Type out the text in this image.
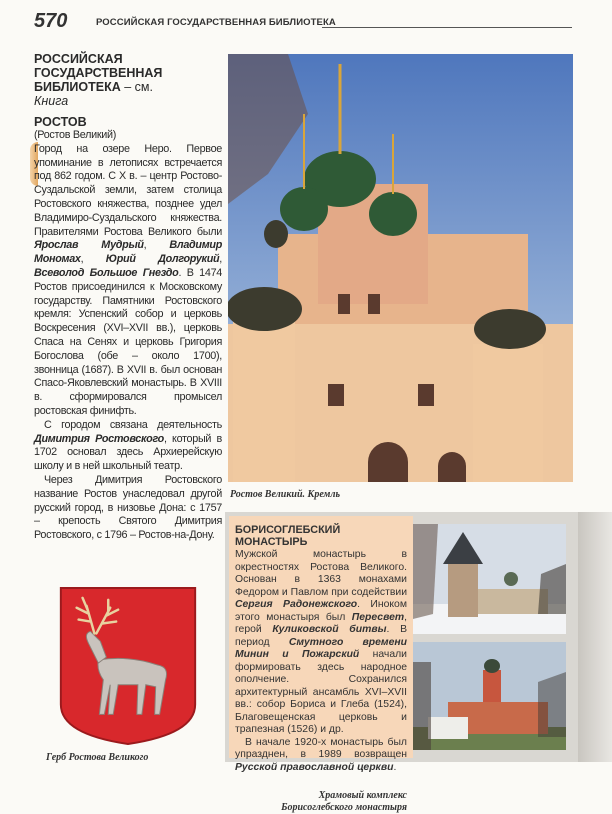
570	РОССИЙСКАЯ ГОСУДАРСТВЕННАЯ БИБЛИОТЕКА
РОССИЙСКАЯ ГОСУДАРСТВЕННАЯ БИБЛИОТЕКА – см. Книга
РОСТОВ
(Ростов Великий)

Город на озере Неро. Первое упоминание в летописях встречается под 862 годом. С X в. – центр Ростово-Суздальской земли, затем столица Ростовского княжества, позднее удел Владимиро-Суздальского княжества. Правителями Ростова Великого были Ярослав Мудрый, Владимир Мономах, Юрий Долгорукий, Всеволод Большое Гнездо. В 1474 Ростов присоединился к Московскому государству. Памятники Ростовского кремля: Успенский собор и церковь Воскресения (XVI–XVII вв.), церковь Спаса на Сенях и церковь Григория Богослова (обе – около 1700), звонница (1687). В XVII в. был основан Спасо-Яковлевский монастырь. В XVIII в. сформировался промысел ростовская финифть.

С городом связана деятельность Димитрия Ростовского, который в 1702 основал здесь Архиерейскую школу и в ней школьный театр.

Через Димитрия Ростовского название Ростов унаследовал другой русский город, в низовье Дона: с 1757 – крепость Святого Димитрия Ростовского, с 1796 – Ростов-на-Дону.

Ростов Великий. Кремль
БОРИСОГЛЕБСКИЙ МОНАСТЫРЬ

Мужской монастырь в окрестностях Ростова Великого. Основан в 1363 монахами Федором и Павлом при содействии Сергия Радонежского. Иноком этого монастыря был Пересвет, герой Куликовской битвы. В период Смутного времени Минин и Пожарский начали формировать здесь народное ополчение. Сохранился архитектурный ансамбль XVI–XVII вв.: собор Бориса и Глеба (1524), Благовещенская церковь и трапезная (1526) и др.

В начале 1920-х монастырь был упразднен, в 1989 возвращен Русской православной церкви.

Храмовый комплекс
Борисоглебского монастыря
Герб Ростова Великого
